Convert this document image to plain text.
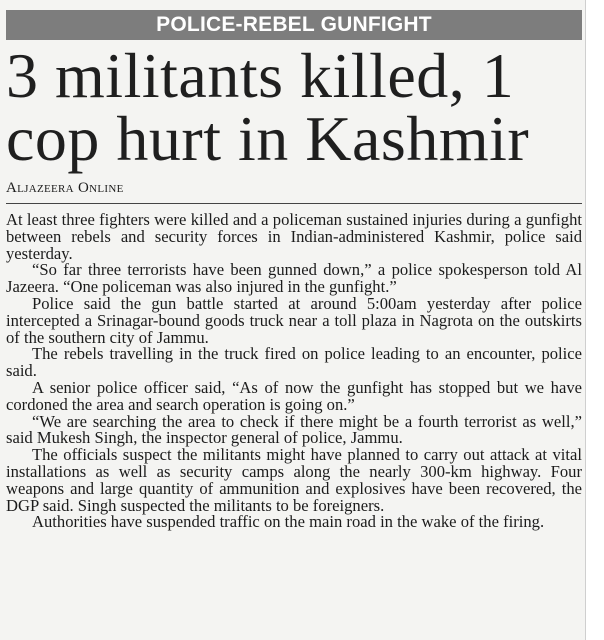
POLICE-REBEL GUNFIGHT
3 militants killed, 1 cop hurt in Kashmir
Aljazeera Online

At least three fighters were killed and a policeman sustained injuries during a gunfight between rebels and security forces in Indian-administered Kashmir, police said yesterday.

“So far three terrorists have been gunned down,” a police spokesperson told Al Jazeera. “One policeman was also injured in the gunfight.”

Police said the gun battle started at around 5:00am yesterday after police intercepted a Srinagar-bound goods truck near a toll plaza in Nagrota on the outskirts of the southern city of Jammu.

The rebels travelling in the truck fired on police leading to an encounter, police said.

A senior police officer said, “As of now the gunfight has stopped but we have cordoned the area and search operation is going on.”

“We are searching the area to check if there might be a fourth terrorist as well,” said Mukesh Singh, the inspector general of police, Jammu.

The officials suspect the militants might have planned to carry out attack at vital installations as well as security camps along the nearly 300-km highway. Four weapons and large quantity of ammunition and explosives have been recovered, the DGP said. Singh suspected the militants to be foreigners.

Authorities have suspended traffic on the main road in the wake of the firing.
